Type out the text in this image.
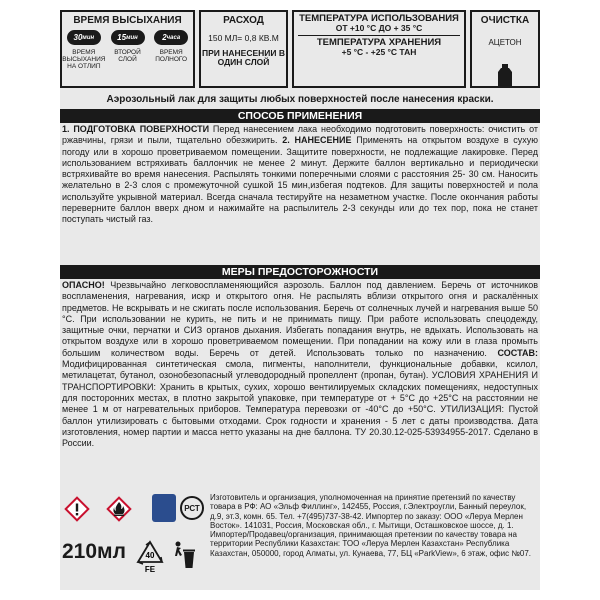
ВРЕМЯ ВЫСЫХАНИЯ
30 мин
ВРЕМЯ ВЫСЫХАНИЯ НА ОТЛИП
15 мин
ВТОРОЙ СЛОЙ
2 часа
ВРЕМЯ ПОЛНОГО
РАСХОД
150 МЛ= 0,8 КВ.М
ПРИ НАНЕСЕНИИ В ОДИН СЛОЙ
ТЕМПЕРАТУРА ИСПОЛЬЗОВАНИЯ
ОТ +10 °С ДО + 35 °С
ТЕМПЕРАТУРА ХРАНЕНИЯ
+5 °С - +25 °С ТАН
ОЧИСТКА
АЦЕТОН
Аэрозольный лак для защиты любых поверхностей после нанесения краски.
СПОСОБ ПРИМЕНЕНИЯ
1. ПОДГОТОВКА ПОВЕРХНОСТИ Перед нанесением лака необходимо подготовить поверхность: очистить от ржавчины, грязи и пыли, тщательно обезжирить. 2. НАНЕСЕНИЕ Применять на открытом воздухе в сухую погоду или в хорошо проветриваемом помещении. Защитите поверхности, не подлежащие лакировке. Перед использованием встряхивать баллончик не менее 2 минут. Держите баллон вертикально и периодически встряхивайте во время нанесения. Распылять тонкими поперечными слоями с расстояния 25- 30 см. Наносить желательно в 2-3 слоя с промежуточной сушкой 15 мин,избегая подтеков. Для защиты поверхностей и пола используйте укрывной материал. Всегда сначала тестируйте на незаметном участке. После окончания работы переверните баллон вверх дном и нажимайте на распылитель 2-3 секунды или до тех пор, пока не станет поступать чистый газ.
МЕРЫ ПРЕДОСТОРОЖНОСТИ
ОПАСНО! Чрезвычайно легковоспламеняющийся аэрозоль. Баллон под давлением. Беречь от источников воспламенения, нагревания, искр и открытого огня. Не распылять вблизи открытого огня и раскалённых предметов. Не вскрывать и не сжигать после использования. Беречь от солнечных лучей и нагревания выше 50 °С. При использовании не курить, не пить и не принимать пищу. При работе использовать спецодежду, защитные очки, перчатки и СИЗ органов дыхания. Избегать попадания внутрь, не вдыхать. Использовать на открытом воздухе или в хорошо проветриваемом помещении. При попадании на кожу или в глаза промыть большим количеством воды. Беречь от детей. Использовать только по назначению. СОСТАВ: Модифицированная синтетическая смола, пигменты, наполнители, функциональные добавки, ксилол, метилацетат, бутанол, озонобезопасный углеводородный пропеллент (пропан, бутан). УСЛОВИЯ ХРАНЕНИЯ И ТРАНСПОРТИРОВКИ: Хранить в крытых, сухих, хорошо вентилируемых складских помещениях, недоступных для посторонних местах, в плотно закрытой упаковке, при температуре от + 5°С до +25°С на расстоянии не менее 1 м от нагревательных приборов. Температура перевозки от -40°С до +50°С. УТИЛИЗАЦИЯ: Пустой баллон утилизировать с бытовыми отходами. Срок годности и хранения - 5 лет с даты производства. Дата изготовления, номер партии и масса нетто указаны на дне баллона. ТУ 20.30.12-025-53934955-2017. Сделано в России.
РСТ
Изготовитель и организация, уполномоченная на принятие претензий по качеству товара в РФ: АО «Эльф Филлинг», 142455, Россия, г.Электроугли, Банный переулок, д.9, эт.3, комн. 65. Тел. +7(495)737-38-42. Импортер по заказу: ООО «Леруа Мерлен Восток». 141031, Россия, Московская обл., г. Мытищи, Осташковское шоссе, д. 1. Импортер/Продавец/организация, принимающая претензии по качеству товара на территории Республики Казахстан: ТОО «Леруа Мерлен Казахстан» Республика Казахстан, 050000, город Алматы, ул. Кунаева, 77, БЦ «ParkView», 6 этаж, офис №07.
210мл 40
FE
